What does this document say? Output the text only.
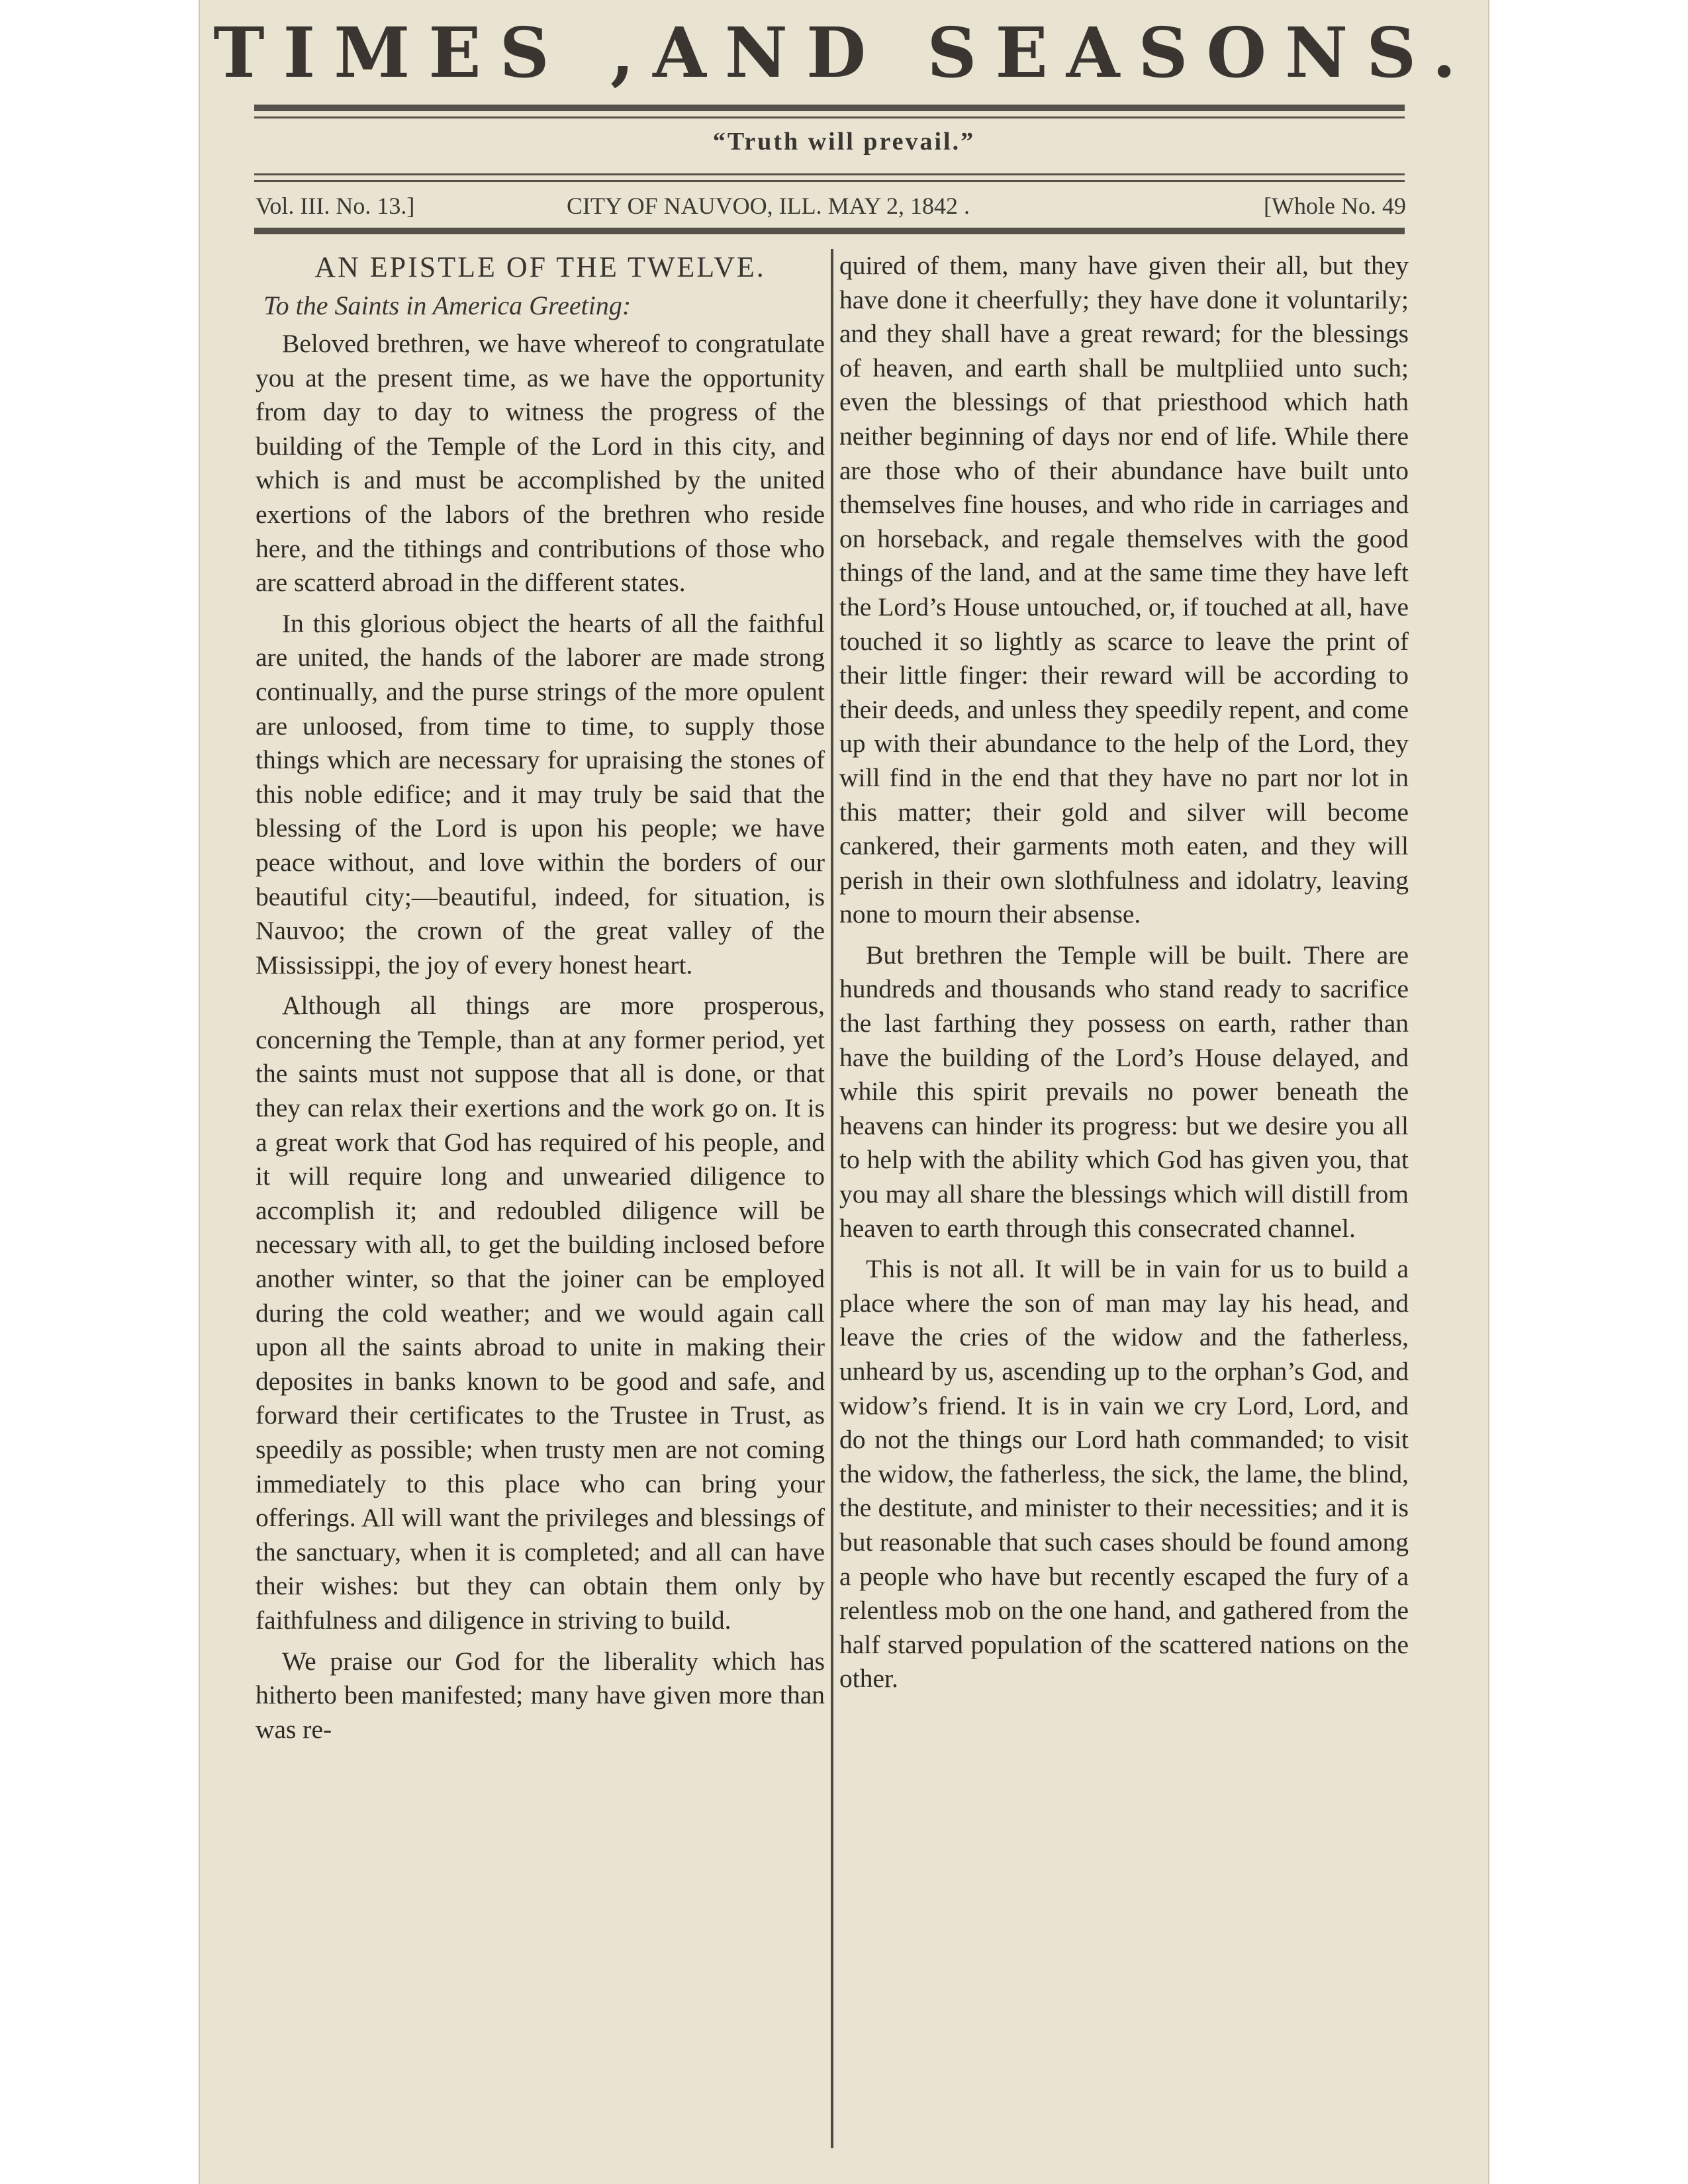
TIMES ,AND SEASONS.
“Truth will prevail.”
Vol. III. No. 13.]	CITY OF NAUVOO, ILL. MAY 2, 1842 .	[Whole No. 49
AN EPISTLE OF THE TWELVE.
To the Saints in America Greeting:

Beloved brethren, we have whereof to congratulate you at the present time, as we have the opportunity from day to day to witness the progress of the building of the Temple of the Lord in this city, and which is and must be accomplished by the united exertions of the labors of the brethren who reside here, and the tithings and contributions of those who are scatterd abroad in the different states.

In this glorious object the hearts of all the faithful are united, the hands of the laborer are made strong continually, and the purse strings of the more opulent are unloosed, from time to time, to supply those things which are necessary for upraising the stones of this noble edifice; and it may truly be said that the blessing of the Lord is upon his people; we have peace without, and love within the borders of our beautiful city;—beautiful, indeed, for situation, is Nauvoo; the crown of the great valley of the Mississippi, the joy of every honest heart.

Although all things are more prosperous, concerning the Temple, than at any former period, yet the saints must not suppose that all is done, or that they can relax their exertions and the work go on. It is a great work that God has required of his people, and it will require long and unwearied diligence to accomplish it; and redoubled diligence will be necessary with all, to get the building inclosed before another winter, so that the joiner can be employed during the cold weather; and we would again call upon all the saints abroad to unite in making their deposites in banks known to be good and safe, and forward their certificates to the Trustee in Trust, as speedily as possible; when trusty men are not coming immediately to this place who can bring your offerings. All will want the privileges and blessings of the sanctuary, when it is completed; and all can have their wishes: but they can obtain them only by faithfulness and diligence in striving to build.

We praise our God for the liberality which has hitherto been manifested; many have given more than was re-

quired of them, many have given their all, but they have done it cheerfully; they have done it voluntarily; and they shall have a great reward; for the blessings of heaven, and earth shall be multpliied unto such; even the blessings of that priesthood which hath neither beginning of days nor end of life. While there are those who of their abundance have built unto themselves fine houses, and who ride in carriages and on horseback, and regale themselves with the good things of the land, and at the same time they have left the Lord’s House untouched, or, if touched at all, have touched it so lightly as scarce to leave the print of their little finger: their reward will be according to their deeds, and unless they speedily repent, and come up with their abundance to the help of the Lord, they will find in the end that they have no part nor lot in this matter; their gold and silver will become cankered, their garments moth eaten, and they will perish in their own slothfulness and idolatry, leaving none to mourn their absense.

But brethren the Temple will be built. There are hundreds and thousands who stand ready to sacrifice the last farthing they possess on earth, rather than have the building of the Lord’s House delayed, and while this spirit prevails no power beneath the heavens can hinder its progress: but we desire you all to help with the ability which God has given you, that you may all share the blessings which will distill from heaven to earth through this consecrated channel.

This is not all. It will be in vain for us to build a place where the son of man may lay his head, and leave the cries of the widow and the fatherless, unheard by us, ascending up to the orphan’s God, and widow’s friend. It is in vain we cry Lord, Lord, and do not the things our Lord hath commanded; to visit the widow, the fatherless, the sick, the lame, the blind, the destitute, and minister to their necessities; and it is but reasonable that such cases should be found among a people who have but recently escaped the fury of a relentless mob on the one hand, and gathered from the half starved population of the scattered nations on the other.
